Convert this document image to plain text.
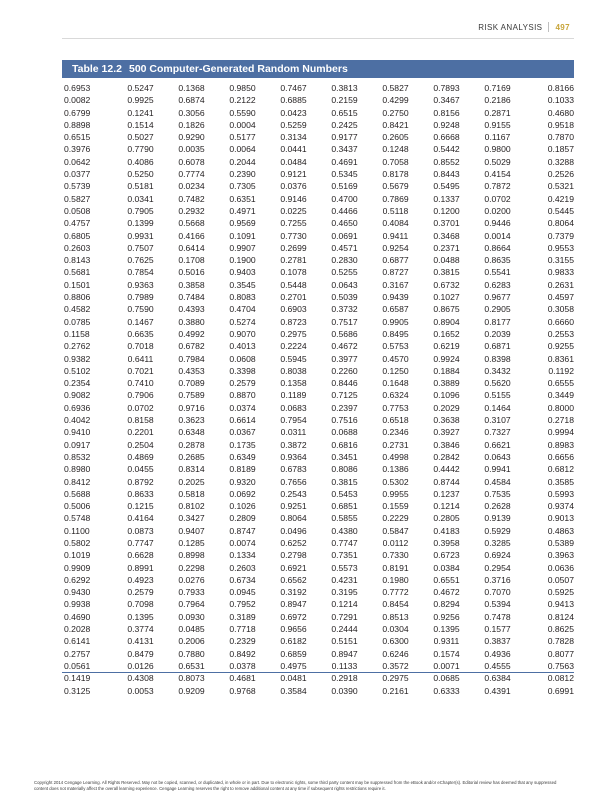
RISK ANALYSIS 497
Table 12.2 500 Computer-Generated Random Numbers
0.6953	0.5247	0.1368	0.9850	0.7467	0.3813	0.5827	0.7893	0.7169	0.8166
0.0082	0.9925	0.6874	0.2122	0.6885	0.2159	0.4299	0.3467	0.2186	0.1033
0.6799	0.1241	0.3056	0.5590	0.0423	0.6515	0.2750	0.8156	0.2871	0.4680
0.8898	0.1514	0.1826	0.0004	0.5259	0.2425	0.8421	0.9248	0.9155	0.9518
0.6515	0.5027	0.9290	0.5177	0.3134	0.9177	0.2605	0.6668	0.1167	0.7870
0.3976	0.7790	0.0035	0.0064	0.0441	0.3437	0.1248	0.5442	0.9800	0.1857
0.0642	0.4086	0.6078	0.2044	0.0484	0.4691	0.7058	0.8552	0.5029	0.3288
0.0377	0.5250	0.7774	0.2390	0.9121	0.5345	0.8178	0.8443	0.4154	0.2526
0.5739	0.5181	0.0234	0.7305	0.0376	0.5169	0.5679	0.5495	0.7872	0.5321
0.5827	0.0341	0.7482	0.6351	0.9146	0.4700	0.7869	0.1337	0.0702	0.4219
0.0508	0.7905	0.2932	0.4971	0.0225	0.4466	0.5118	0.1200	0.0200	0.5445
0.4757	0.1399	0.5668	0.9569	0.7255	0.4650	0.4084	0.3701	0.9446	0.8064
0.6805	0.9931	0.4166	0.1091	0.7730	0.0691	0.9411	0.3468	0.0014	0.7379
0.2603	0.7507	0.6414	0.9907	0.2699	0.4571	0.9254	0.2371	0.8664	0.9553
0.8143	0.7625	0.1708	0.1900	0.2781	0.2830	0.6877	0.0488	0.8635	0.3155
0.5681	0.7854	0.5016	0.9403	0.1078	0.5255	0.8727	0.3815	0.5541	0.9833
0.1501	0.9363	0.3858	0.3545	0.5448	0.0643	0.3167	0.6732	0.6283	0.2631
0.8806	0.7989	0.7484	0.8083	0.2701	0.5039	0.9439	0.1027	0.9677	0.4597
0.4582	0.7590	0.4393	0.4704	0.6903	0.3732	0.6587	0.8675	0.2905	0.3058
0.0785	0.1467	0.3880	0.5274	0.8723	0.7517	0.9905	0.8904	0.8177	0.6660
0.1158	0.6635	0.4992	0.9070	0.2975	0.5686	0.8495	0.1652	0.2039	0.2553
0.2762	0.7018	0.6782	0.4013	0.2224	0.4672	0.5753	0.6219	0.6871	0.9255
0.9382	0.6411	0.7984	0.0608	0.5945	0.3977	0.4570	0.9924	0.8398	0.8361
0.5102	0.7021	0.4353	0.3398	0.8038	0.2260	0.1250	0.1884	0.3432	0.1192
0.2354	0.7410	0.7089	0.2579	0.1358	0.8446	0.1648	0.3889	0.5620	0.6555
0.9082	0.7906	0.7589	0.8870	0.1189	0.7125	0.6324	0.1096	0.5155	0.3449
0.6936	0.0702	0.9716	0.0374	0.0683	0.2397	0.7753	0.2029	0.1464	0.8000
0.4042	0.8158	0.3623	0.6614	0.7954	0.7516	0.6518	0.3638	0.3107	0.2718
0.9410	0.2201	0.6348	0.0367	0.0311	0.0688	0.2346	0.3927	0.7327	0.9994
0.0917	0.2504	0.2878	0.1735	0.3872	0.6816	0.2731	0.3846	0.6621	0.8983
0.8532	0.4869	0.2685	0.6349	0.9364	0.3451	0.4998	0.2842	0.0643	0.6656
0.8980	0.0455	0.8314	0.8189	0.6783	0.8086	0.1386	0.4442	0.9941	0.6812
0.8412	0.8792	0.2025	0.9320	0.7656	0.3815	0.5302	0.8744	0.4584	0.3585
0.5688	0.8633	0.5818	0.0692	0.2543	0.5453	0.9955	0.1237	0.7535	0.5993
0.5006	0.1215	0.8102	0.1026	0.9251	0.6851	0.1559	0.1214	0.2628	0.9374
0.5748	0.4164	0.3427	0.2809	0.8064	0.5855	0.2229	0.2805	0.9139	0.9013
0.1100	0.0873	0.9407	0.8747	0.0496	0.4380	0.5847	0.4183	0.5929	0.4863
0.5802	0.7747	0.1285	0.0074	0.6252	0.7747	0.0112	0.3958	0.3285	0.5389
0.1019	0.6628	0.8998	0.1334	0.2798	0.7351	0.7330	0.6723	0.6924	0.3963
0.9909	0.8991	0.2298	0.2603	0.6921	0.5573	0.8191	0.0384	0.2954	0.0636
0.6292	0.4923	0.0276	0.6734	0.6562	0.4231	0.1980	0.6551	0.3716	0.0507
0.9430	0.2579	0.7933	0.0945	0.3192	0.3195	0.7772	0.4672	0.7070	0.5925
0.9938	0.7098	0.7964	0.7952	0.8947	0.1214	0.8454	0.8294	0.5394	0.9413
0.4690	0.1395	0.0930	0.3189	0.6972	0.7291	0.8513	0.9256	0.7478	0.8124
0.2028	0.3774	0.0485	0.7718	0.9656	0.2444	0.0304	0.1395	0.1577	0.8625
0.6141	0.4131	0.2006	0.2329	0.6182	0.5151	0.6300	0.9311	0.3837	0.7828
0.2757	0.8479	0.7880	0.8492	0.6859	0.8947	0.6246	0.1574	0.4936	0.8077
0.0561	0.0126	0.6531	0.0378	0.4975	0.1133	0.3572	0.0071	0.4555	0.7563
0.1419	0.4308	0.8073	0.4681	0.0481	0.2918	0.2975	0.0685	0.6384	0.0812
0.3125	0.0053	0.9209	0.9768	0.3584	0.0390	0.2161	0.6333	0.4391	0.6991
Copyright 2014 Cengage Learning. All Rights Reserved. May not be copied, scanned, or duplicated, in whole or in part. Due to electronic rights, some third party content may be suppressed from the eBook and/or eChapter(s). Editorial review has deemed that any suppressed content does not materially affect the overall learning experience. Cengage Learning reserves the right to remove additional content at any time if subsequent rights restrictions require it.
